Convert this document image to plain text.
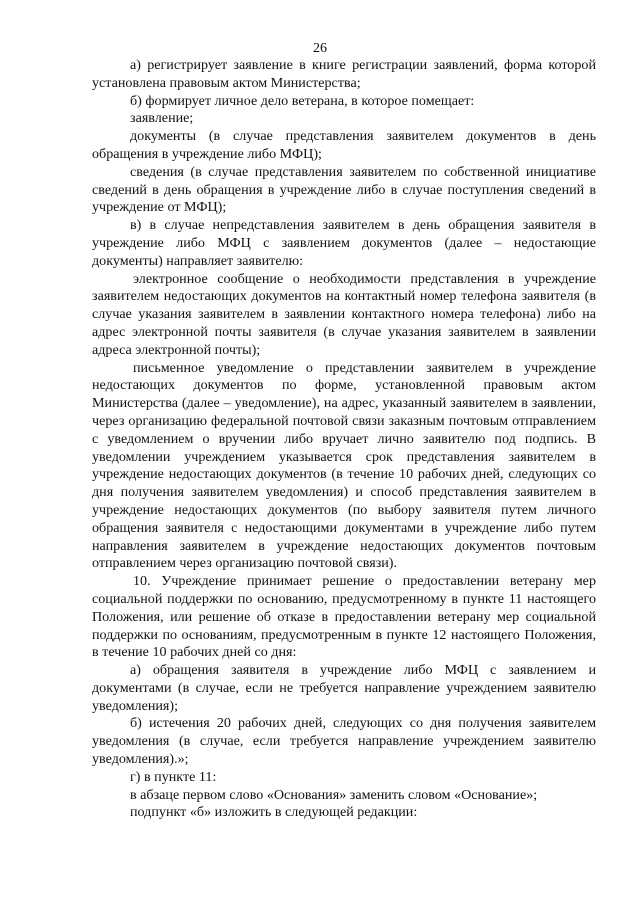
26

а) регистрирует заявление в книге регистрации заявлений, форма которой установлена правовым актом Министерства;

б) формирует личное дело ветерана, в которое помещает:

заявление;

документы (в случае представления заявителем документов в день обращения в учреждение либо МФЦ);

сведения (в случае представления заявителем по собственной инициативе сведений в день обращения в учреждение либо в случае поступления сведений в учреждение от МФЦ);

в) в случае непредставления заявителем в день обращения заявителя в учреждение либо МФЦ с заявлением документов (далее – недостающие документы) направляет заявителю:

электронное сообщение о необходимости представления в учреждение заявителем недостающих документов на контактный номер телефона заявителя (в случае указания заявителем в заявлении контактного номера телефона) либо на адрес электронной почты заявителя (в случае указания заявителем в заявлении адреса электронной почты);

письменное уведомление о представлении заявителем в учреждение недостающих документов по форме, установленной правовым актом Министерства (далее – уведомление), на адрес, указанный заявителем в заявлении, через организацию федеральной почтовой связи заказным почтовым отправлением с уведомлением о вручении либо вручает лично заявителю под подпись. В уведомлении учреждением указывается срок представления заявителем в учреждение недостающих документов (в течение 10 рабочих дней, следующих со дня получения заявителем уведомления) и способ представления заявителем в учреждение недостающих документов (по выбору заявителя путем личного обращения заявителя с недостающими документами в учреждение либо путем направления заявителем в учреждение недостающих документов почтовым отправлением через организацию почтовой связи).

10. Учреждение принимает решение о предоставлении ветерану мер социальной поддержки по основанию, предусмотренному в пункте 11 настоящего Положения, или решение об отказе в предоставлении ветерану мер социальной поддержки по основаниям, предусмотренным в пункте 12 настоящего Положения, в течение 10 рабочих дней со дня:

а) обращения заявителя в учреждение либо МФЦ с заявлением и документами (в случае, если не требуется направление учреждением заявителю уведомления);

б) истечения 20 рабочих дней, следующих со дня получения заявителем уведомления (в случае, если требуется направление учреждением заявителю уведомления).»;

г) в пункте 11:

в абзаце первом слово «Основания» заменить словом «Основание»;

подпункт «б» изложить в следующей редакции:
